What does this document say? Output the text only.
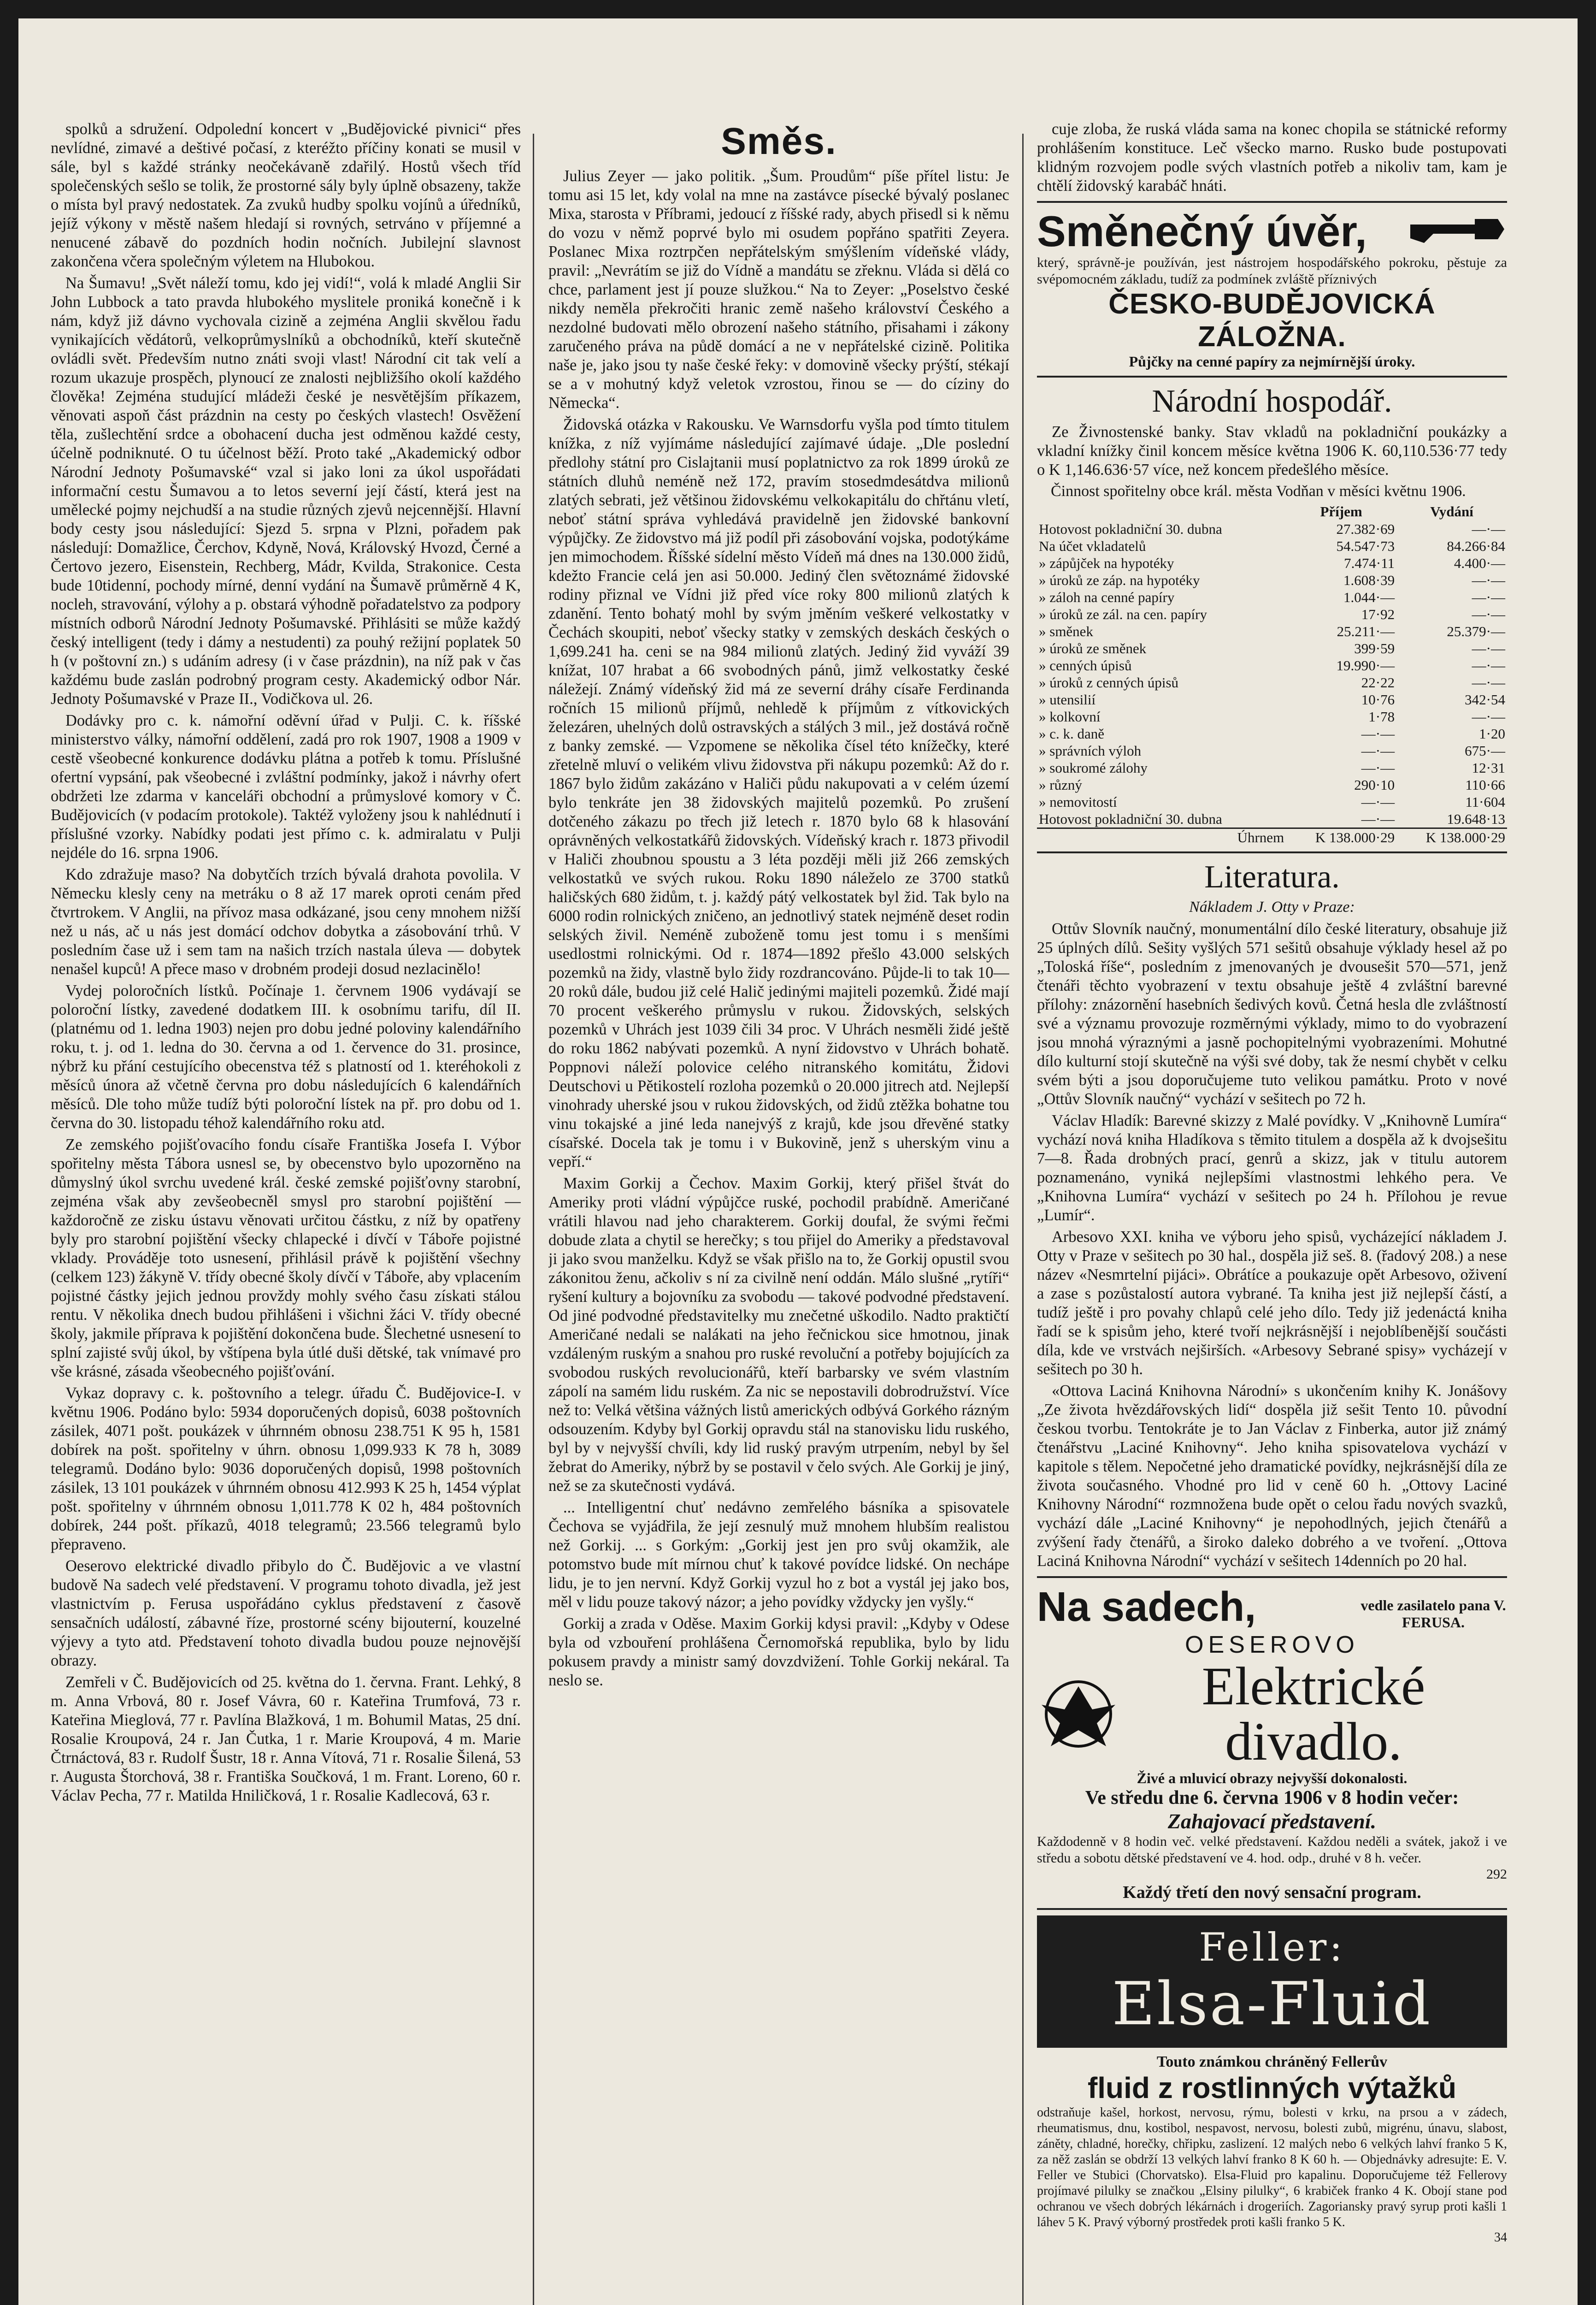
spolků a sdružení. Odpolední koncert v „Budějovické pivnici“ přes nevlídné, zimavé a deštivé počasí, z kteréžto příčiny konati se musil v sále, byl s každé stránky neočekávaně zdařilý. Hostů všech tříd společenských sešlo se tolik, že prostorné sály byly úplně obsazeny, takže o místa byl pravý nedostatek. Za zvuků hudby spolku vojínů a úředníků, jejíž výkony v městě našem hledají si rovných, setrváno v příjemné a nenucené zábavě do pozdních hodin nočních. Jubilejní slavnost zakončena včera společným výletem na Hlubokou.

Na Šumavu! „Svět náleží tomu, kdo jej vidí!“, volá k mladé Anglii Sir John Lubbock a tato pravda hlubokého myslitele proniká konečně i k nám, když již dávno vychovala cizině a zejména Anglii skvělou řadu vynikajících vědátorů, velkoprůmyslníků a obchodníků, kteří skutečně ovládli svět. Především nutno znáti svoji vlast! Národní cit tak velí a rozum ukazuje prospěch, plynoucí ze znalosti nejbližšího okolí každého člověka! Zejména studující mládeži české je nesvětějším příkazem, věnovati aspoň část prázdnin na cesty po českých vlastech! Osvěžení těla, zušlechtění srdce a obohacení ducha jest odměnou každé cesty, účelně podniknuté. O tu účelnost běží. Proto také „Akademický odbor Národní Jednoty Pošumavské“ vzal si jako loni za úkol uspořádati informační cestu Šumavou a to letos severní její částí, která jest na umělecké pojmy nejchudší a na studie různých zjevů nejcennější. Hlavní body cesty jsou následující: Sjezd 5. srpna v Plzni, pořadem pak následují: Domažlice, Čerchov, Kdyně, Nová, Královský Hvozd, Černé a Čertovo jezero, Eisenstein, Rechberg, Mádr, Kvilda, Strakonice. Cesta bude 10tidenní, pochody mírné, denní vydání na Šumavě průměrně 4 K, nocleh, stravování, výlohy a p. obstará výhodně pořadatelstvo za podpory místních odborů Národní Jednoty Pošumavské. Přihlásiti se může každý český intelligent (tedy i dámy a nestudenti) za pouhý režijní poplatek 50 h (v poštovní zn.) s udáním adresy (i v čase prázdnin), na níž pak v čas každému bude zaslán podrobný program cesty. Akademický odbor Nár. Jednoty Pošumavské v Praze II., Vodičkova ul. 26.

Dodávky pro c. k. námořní oděvní úřad v Pulji. C. k. říšské ministerstvo války, námořní oddělení, zadá pro rok 1907, 1908 a 1909 v cestě všeobecné konkurence dodávku plátna a potřeb k tomu. Příslušné ofertní vypsání, pak všeobecné i zvláštní podmínky, jakož i návrhy ofert obdržeti lze zdarma v kanceláři obchodní a průmyslové komory v Č. Budějovicích (v podacím protokole). Taktéž vyloženy jsou k nahlédnutí i příslušné vzorky. Nabídky podati jest přímo c. k. admiralatu v Pulji nejdéle do 16. srpna 1906.

Kdo zdražuje maso? Na dobytčích trzích bývalá drahota povolila. V Německu klesly ceny na metráku o 8 až 17 marek oproti cenám před čtvrtrokem. V Anglii, na přívoz masa odkázané, jsou ceny mnohem nižší než u nás, ač u nás jest domácí odchov dobytka a zásobování trhů. V posledním čase už i sem tam na našich trzích nastala úleva — dobytek nenašel kupců! A přece maso v drobném prodeji dosud nezlacinělo!

Vydej poloročních lístků. Počínaje 1. červnem 1906 vydávají se poloroční lístky, zavedené dodatkem III. k osobnímu tarifu, díl II. (platnému od 1. ledna 1903) nejen pro dobu jedné poloviny kalendářního roku, t. j. od 1. ledna do 30. června a od 1. července do 31. prosince, nýbrž ku přání cestujícího obecenstva též s platností od 1. kteréhokoli z měsíců února až včetně června pro dobu následujících 6 kalendářních měsíců. Dle toho může tudíž býti poloroční lístek na př. pro dobu od 1. června do 30. listopadu téhož kalendářního roku atd.

Ze zemského pojišťovacího fondu císaře Františka Josefa I. Výbor spořitelny města Tábora usnesl se, by obecenstvo bylo upozorněno na důmyslný úkol svrchu uvedené král. české zemské pojišťovny starobní, zejména však aby zevšeobecněl smysl pro starobní pojištění — každoročně ze zisku ústavu věnovati určitou částku, z níž by opatřeny byly pro starobní pojištění všecky chlapecké i dívčí v Táboře pojistné vklady. Prováděje toto usnesení, přihlásil právě k pojištění všechny (celkem 123) žákyně V. třídy obecné školy dívčí v Táboře, aby vplacením pojistné částky jejich jednou provždy mohly svého času získati stálou rentu. V několika dnech budou přihlášeni i všichni žáci V. třídy obecné školy, jakmile příprava k pojištění dokončena bude. Šlechetné usnesení to splní zajisté svůj úkol, by vštípena byla útlé duši dětské, tak vnímavé pro vše krásné, zásada všeobecného pojišťování.

Vykaz dopravy c. k. poštovního a telegr. úřadu Č. Budějovice-I. v květnu 1906. Podáno bylo: 5934 doporučených dopisů, 6038 poštovních zásilek, 4071 pošt. poukázek v úhrnném obnosu 238.751 K 95 h, 1581 dobírek na pošt. spořitelny v úhrn. obnosu 1,099.933 K 78 h, 3089 telegramů. Dodáno bylo: 9036 doporučených dopisů, 1998 poštovních zásilek, 13 101 poukázek v úhrnném obnosu 412.993 K 25 h, 1454 výplat pošt. spořitelny v úhrnném obnosu 1,011.778 K 02 h, 484 poštovních dobírek, 244 pošt. příkazů, 4018 telegramů; 23.566 telegramů bylo přepraveno.

Oeserovo elektrické divadlo přibylo do Č. Budějovic a ve vlastní budově Na sadech velé představení. V programu tohoto divadla, jež jest vlastnictvím p. Ferusa uspořádáno cyklus představení z časově sensačních událostí, zábavné říze, prostorné scény bijouterní, kouzelné výjevy a tyto atd. Představení tohoto divadla budou pouze nejnovější obrazy.

Zemřeli v Č. Budějovicích od 25. května do 1. června. Frant. Lehký, 8 m. Anna Vrbová, 80 r. Josef Vávra, 60 r. Kateřina Trumfová, 73 r. Kateřina Mieglová, 77 r. Pavlína Blažková, 1 m. Bohumil Matas, 25 dní. Rosalie Kroupová, 24 r. Jan Čutka, 1 r. Marie Kroupová, 4 m. Marie Čtrnáctová, 83 r. Rudolf Šustr, 18 r. Anna Vítová, 71 r. Rosalie Šilená, 53 r. Augusta Štorchová, 38 r. Františka Součková, 1 m. Frant. Loreno, 60 r. Václav Pecha, 77 r. Matilda Hniličková, 1 r. Rosalie Kadlecová, 63 r.

Směs.

Julius Zeyer — jako politik. „Šum. Proudům“ píše přítel listu: Je tomu asi 15 let, kdy volal na mne na zastávce písecké bývalý poslanec Mixa, starosta v Příbrami, jedoucí z říšské rady, abych přisedl si k němu do vozu v němž poprvé bylo mi osudem popřáno spatřiti Zeyera. Poslanec Mixa roztrpčen nepřátelským smýšlením vídeňské vlády, pravil: „Nevrátím se již do Vídně a mandátu se zřeknu. Vláda si dělá co chce, parlament jest jí pouze služkou.“ Na to Zeyer: „Poselstvo české nikdy neměla překročiti hranic země našeho království Českého a nezdolné budovati mělo obrození našeho státního, přisahami i zákony zaručeného práva na půdě domácí a ne v nepřátelské cizině. Politika naše je, jako jsou ty naše české řeky: v domovině všecky prýští, stékají se a v mohutný když veletok vzrostou, řinou se — do cíziny do Německa“.

Židovská otázka v Rakousku. Ve Warnsdorfu vyšla pod tímto titulem knížka, z níž vyjímáme následující zajímavé údaje. „Dle poslední předlohy státní pro Cislajtanii musí poplatnictvo za rok 1899 úroků ze státních dluhů neméně než 172, pravím stosedmdesátdva milionů zlatých sebrati, jež většinou židovskému velkokapitálu do chřtánu vletí, neboť státní správa vyhledává pravidelně jen židovské bankovní výpůjčky. Ze židovstvo má již podíl při zásobování vojska, podotýkáme jen mimochodem. Říšské sídelní město Vídeň má dnes na 130.000 židů, kdežto Francie celá jen asi 50.000. Jediný člen světoznámé židovské rodiny přiznal ve Vídni již před více roky 800 milionů zlatých k zdanění. Tento bohatý mohl by svým jměním veškeré velkostatky v Čechách skoupiti, neboť všecky statky v zemských deskách českých o 1,699.241 ha. ceni se na 984 milionů zlatých. Jediný žid vyváží 39 knížat, 107 hrabat a 66 svobodných pánů, jimž velkostatky české náležejí. Známý vídeňský žid má ze severní dráhy císaře Ferdinanda ročních 15 milionů příjmů, nehledě k příjmům z vítkovických železáren, uhelných dolů ostravských a stálých 3 mil., jež dostává ročně z banky zemské. — Vzpomene se několika čísel této knížečky, které zřetelně mluví o velikém vlivu židovstva při nákupu pozemků: Až do r. 1867 bylo židům zakázáno v Haliči půdu nakupovati a v celém území bylo tenkráte jen 38 židovských majitelů pozemků. Po zrušení dotčeného zákazu po třech již letech r. 1870 bylo 68 k hlasování oprávněných velkostatkářů židovských. Vídeňský krach r. 1873 přivodil v Haliči zhoubnou spoustu a 3 léta později měli již 266 zemských velkostatků ve svých rukou. Roku 1890 náleželo ze 3700 statků haličských 680 židům, t. j. každý pátý velkostatek byl žid. Tak bylo na 6000 rodin rolnických zničeno, an jednotlivý statek nejméně deset rodin selských živil. Neméně zuboženě tomu jest tomu i s menšími usedlostmi rolnickými. Od r. 1874—1892 přešlo 43.000 selských pozemků na židy, vlastně bylo židy rozdrancováno. Půjde-li to tak 10—20 roků dále, budou již celé Halič jedinými majiteli pozemků. Židé mají 70 procent veškerého průmyslu v rukou. Židovských, selských pozemků v Uhrách jest 1039 čili 34 proc. V Uhrách nesměli židé ještě do roku 1862 nabývati pozemků. A nyní židovstvo v Uhrách bohatě. Poppnovi náleží polovice celého nitranského komitátu, Židovi Deutschovi u Pětikostelí rozloha pozemků o 20.000 jitrech atd. Nejlepší vinohrady uherské jsou v rukou židovských, od židů ztěžka bohatne tou vinu tokajské a jiné leda nanejvýš z krajů, kde jsou dřevěné statky císařské. Docela tak je tomu i v Bukovině, jenž s uherským vinu a vepří.“

Maxim Gorkij a Čechov. Maxim Gorkij, který přišel štvát do Ameriky proti vládní výpůjčce ruské, pochodil prabídně. Američané vrátili hlavou nad jeho charakterem. Gorkij doufal, že svými řečmi dobude zlata a chytil se herečky; s tou přijel do Ameriky a představoval ji jako svou manželku. Když se však přišlo na to, že Gorkij opustil svou zákonitou ženu, ačkoliv s ní za civilně není oddán. Málo slušné „rytíři“ ryšení kultury a bojovníku za svobodu — takové podvodné představení. Od jiné podvodné představitelky mu znečetné uškodilo. Nadto praktičtí Američané nedali se nalákati na jeho řečnickou sice hmotnou, jinak vzdáleným ruským a snahou pro ruské revoluční a potřeby bojujících za svobodou ruských revolucionářů, kteří barbarsky ve svém vlastním zápolí na samém lidu ruském. Za nic se nepostavili dobrodružství. Více než to: Velká většina vážných listů amerických odbývá Gorkého rázným odsouzením. Kdyby byl Gorkij opravdu stál na stanovisku lidu ruského, byl by v nejvyšší chvíli, kdy lid ruský pravým utrpením, nebyl by šel žebrat do Ameriky, nýbrž by se postavil v čelo svých. Ale Gorkij je jiný, než se za skutečnosti vydává.

... Intelligentní chuť nedávno zemřelého básníka a spisovatele Čechova se vyjádřila, že její zesnulý muž mnohem hlubším realistou než Gorkij. ... s Gorkým: „Gorkij jest jen pro svůj okamžik, ale potomstvo bude mít mírnou chuť k takové povídce lidské. On nechápe lidu, je to jen nervní. Když Gorkij vyzul ho z bot a vystál jej jako bos, měl v lidu pouze takový názor; a jeho povídky vždycky jen vyšly.“

Gorkij a zrada v Oděse. Maxim Gorkij kdysi pravil: „Kdyby v Odese byla od vzbouření prohlášena Černomořská republika, bylo by lidu pokusem pravdy a ministr samý dovzdvižení. Tohle Gorkij nekáral. Ta neslo se.

cuje zloba, že ruská vláda sama na konec chopila se státnické reformy prohlášením konstituce. Leč všecko marno. Rusko bude postupovati klidným rozvojem podle svých vlastních potřeb a nikoliv tam, kam je chtělí židovský karabáč hnáti.

Směnečný úvěr,
který, správně-je používán, jest nástrojem hospodářského pokroku, pěstuje za svépomocném základu, tudíž za podmínek zvláště příznivých
ČESKO-BUDĚJOVICKÁ ZÁLOŽNA.
Půjčky na cenné papíry za nejmírnější úroky.
Národní hospodář.

Ze Živnostenské banky. Stav vkladů na pokladniční poukázky a vkladní knížky činil koncem měsíce května 1906 K. 60,110.536·77 tedy o K 1,146.636·57 více, než koncem předešlého měsíce.

Činnost spořitelny obce král. města Vodňan v měsíci květnu 1906.
	Příjem	Vydání
Hotovost pokladniční 30. dubna	27.382·69	—·—
Na účet vkladatelů	54.547·73	84.266·84
» zápůjček na hypotéky	7.474·11	4.400·—
» úroků ze záp. na hypotéky	1.608·39	—·—
» záloh na cenné papíry	1.044·—	—·—
» úroků ze zál. na cen. papíry	17·92	—·—
» směnek	25.211·—	25.379·—
» úroků ze směnek	399·59	—·—
» cenných úpisů	19.990·—	—·—
» úroků z cenných úpisů	22·22	—·—
» utensilií	10·76	342·54
» kolkovní	1·78	—·—
» c. k. daně	—·—	1·20
» správních výloh	—·—	675·—
» soukromé zálohy	—·—	12·31
» různý	290·10	110·66
» nemovitostí	—·—	11·604
Hotovost pokladniční 30. dubna	—·—	19.648·13
Úhrnem	K 138.000·29	K 138.000·29
Literatura.
Nákladem J. Otty v Praze:

Ottův Slovník naučný, monumentální dílo české literatury, obsahuje již 25 úplných dílů. Sešity vyšlých 571 sešitů obsahuje výklady hesel až po „Toloská říše“, posledním z jmenovaných je dvousešit 570—571, jenž čtenáři těchto vyobrazení v textu obsahuje ještě 4 zvláštní barevné přílohy: znázornění hasebních šedivých kovů. Četná hesla dle zvláštností své a významu provozuje rozměrnými výklady, mimo to do vyobrazení jsou mnohá výraznými a jasně pochopitelnými vyobrazeními. Mohutné dílo kulturní stojí skutečně na výši své doby, tak že nesmí chybět v celku svém býti a jsou doporučujeme tuto velikou památku. Proto v nové „Ottův Slovník naučný“ vychází v sešitech po 72 h.

Václav Hladík: Barevné skizzy z Malé povídky. V „Knihovně Lumíra“ vychází nová kniha Hladíkova s těmito titulem a dospěla až k dvojsešitu 7—8. Řada drobných prací, genrů a skizz, jak v titulu autorem poznamenáno, vyniká nejlepšími vlastnostmi lehkého pera. Ve „Knihovna Lumíra“ vychází v sešitech po 24 h. Přílohou je revue „Lumír“.

Arbesovo XXI. kniha ve výboru jeho spisů, vycházející nákladem J. Otty v Praze v sešitech po 30 hal., dospěla již seš. 8. (řadový 208.) a nese název «Nesmrtelní pijáci». Obrátíce a poukazuje opět Arbesovo, oživení a zase s pozůstalostí autora vybrané. Ta kniha jest již nejlepší částí, a tudíž ještě i pro povahy chlapů celé jeho dílo. Tedy již jedenáctá kniha řadí se k spisům jeho, které tvoří nejkrásnější i nejoblíbenější součásti díla, kde ve vrstvách nejširších. «Arbesovy Sebrané spisy» vycházejí v sešitech po 30 h.

«Ottova Laciná Knihovna Národní» s ukončením knihy K. Jonášovy „Ze života hvězdářovských lidí“ dospěla již sešit Tento 10. původní českou tvorbu. Tentokráte je to Jan Václav z Finberka, autor již známý čtenářstvu „Laciné Knihovny“. Jeho kniha spisovatelova vychází v kapitole s tělem. Nepočetné jeho dramatické povídky, nejkrásnější díla ze života současného. Vhodné pro lid v ceně 60 h. „Ottovy Laciné Knihovny Národní“ rozmnožena bude opět o celou řadu nových svazků, vychází dále „Laciné Knihovny“ je nepohodlných, jejich čtenářů a zvýšení řady čtenářů, a široko daleko dobrého a ve tvoření. „Ottova Laciná Knihovna Národní“ vychází v sešitech 14denních po 20 hal.

Na sadech,	vedle zasilatelo pana V. FERUSA.
OESEROVO
Elektrické
divadlo.
Živé a mluvicí obrazy nejvyšší dokonalosti.
Ve středu dne 6. června 1906 v 8 hodin večer:
Zahajovací představení.
Každodenně v 8 hodin več. velké představení. Každou neděli a svátek, jakož i ve středu a sobotu dětské představení ve 4. hod. odp., druhé v 8 h. večer.
292
Každý třetí den nový sensační program.
Feller:
Elsa-Fluid
Touto známkou chráněný Fellerův
fluid z rostlinných výtažků
odstraňuje kašel, horkost, nervosu, rýmu, bolesti v krku, na prsou a v zádech, rheumatismus, dnu, kostibol, nespavost, nervosu, bolesti zubů, migrénu, únavu, slabost, záněty, chladné, horečky, chřipku, zaslizení. 12 malých nebo 6 velkých lahví franko 5 K, za něž zaslán se obdrží 13 velkých lahví franko 8 K 60 h. — Objednávky adresujte: E. V. Feller ve Stubici (Chorvatsko). Elsa-Fluid pro kapalinu. Doporučujeme též Fellerovy projímavé pilulky se značkou „Elsiny pilulky“, 6 krabiček franko 4 K. Obojí stane pod ochranou ve všech dobrých lékárnách i drogeriích. Zagoriansky pravý syrup proti kašli 1 láhev 5 K. Pravý výborný prostředek proti kašli franko 5 K.
34
